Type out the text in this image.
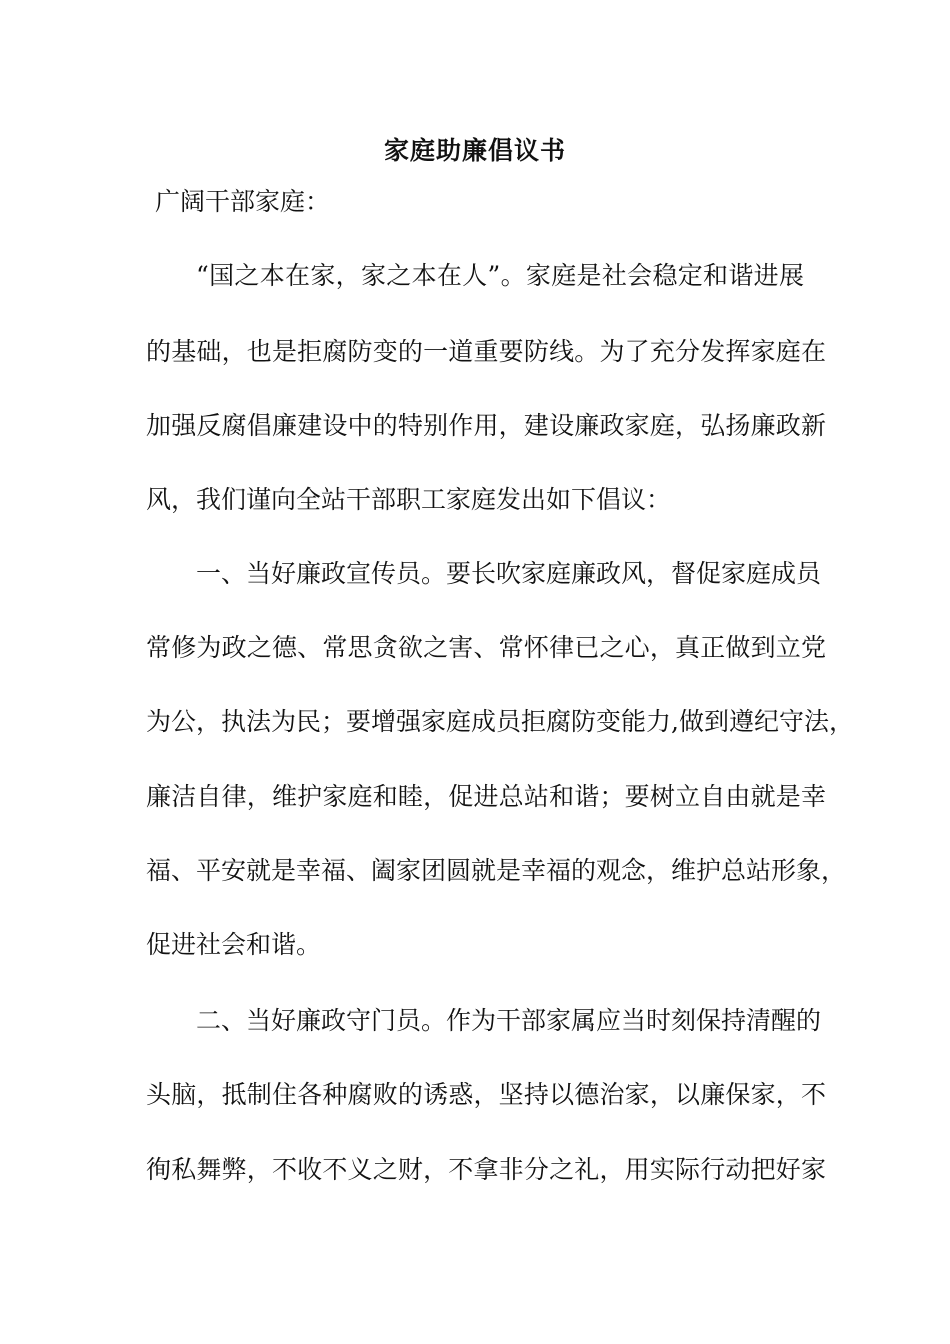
家庭助廉倡议书
广阔干部家庭：
“国之本在家，家之本在人”。家庭是社会稳定和谐进展
的基础，也是拒腐防变的一道重要防线。为了充分发挥家庭在
加强反腐倡廉建设中的特别作用，建设廉政家庭，弘扬廉政新
风，我们谨向全站干部职工家庭发出如下倡议：
一、当好廉政宣传员。要长吹家庭廉政风，督促家庭成员
常修为政之德、常思贪欲之害、常怀律已之心，真正做到立党
为公，执法为民；要增强家庭成员拒腐防变能力,做到遵纪守法，
廉洁自律，维护家庭和睦，促进总站和谐；要树立自由就是幸
福、平安就是幸福、阖家团圆就是幸福的观念，维护总站形象，
促进社会和谐。
二、当好廉政守门员。作为干部家属应当时刻保持清醒的
头脑，抵制住各种腐败的诱惑，坚持以德治家，以廉保家，不
徇私舞弊，不收不义之财，不拿非分之礼，用实际行动把好家
